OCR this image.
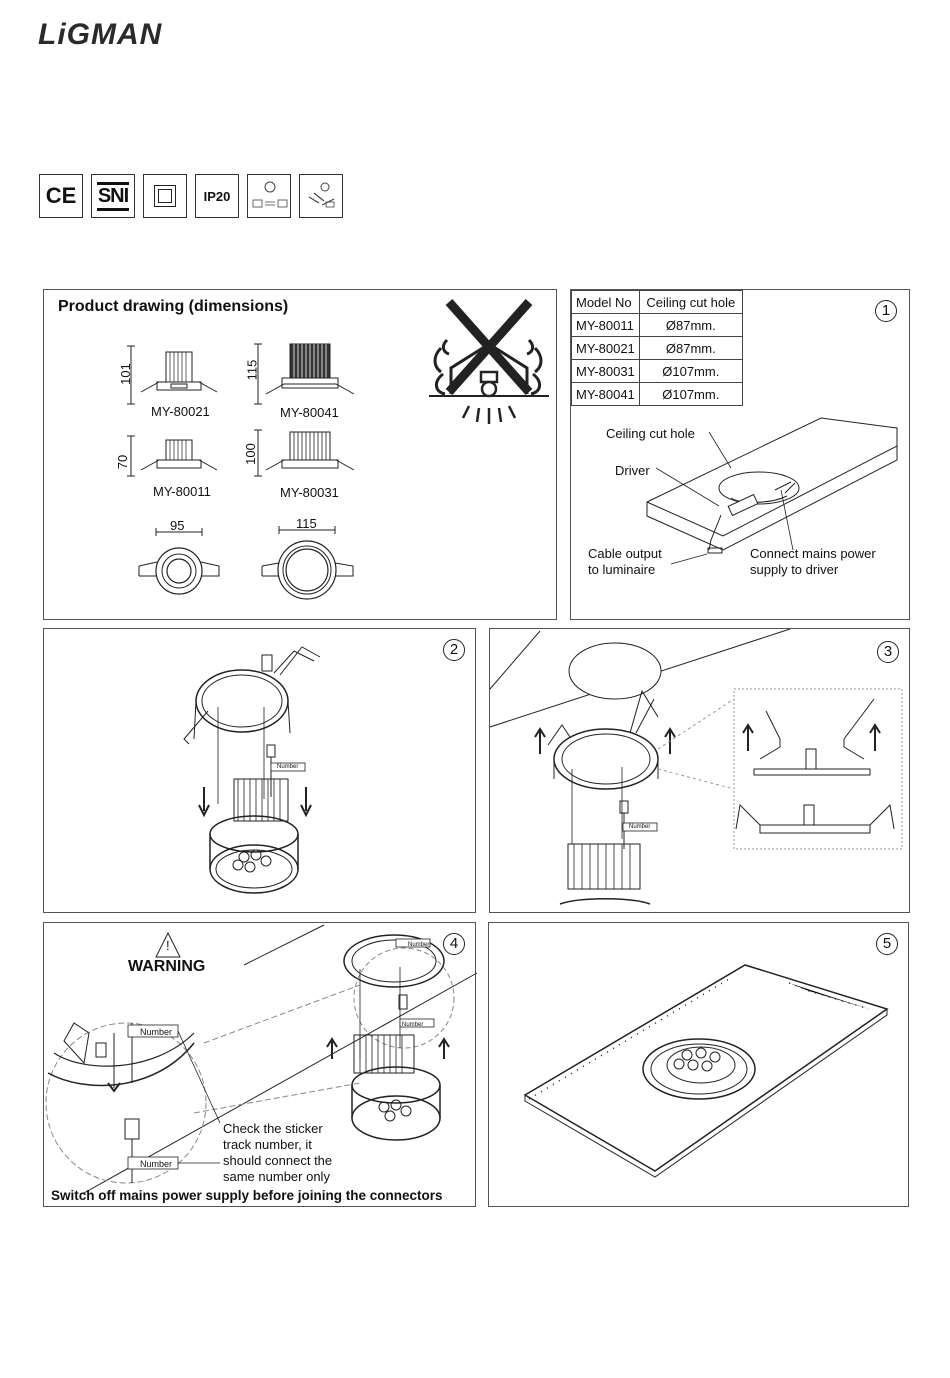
LiGMAN
CE SNI	IP20
Product drawing (dimensions)
101
MY-80021
115
MY-80041
70
MY-80011
100
MY-80031
95	115
1
Ceiling cut hole
Driver
Cable output
to luminaire
Connect mains power
supply to driver
Model No	Ceiling cut hole
MY-80011	Ø87mm.
MY-80021	Ø87mm.
MY-80031	Ø107mm.
MY-80041	Ø107mm.
2
Number
3
Number
4
!
WARNING
Number
Number
Number
Number
Check the sticker
track number, it
should connect the
same number only
Switch off mains power supply before joining the connectors
5
